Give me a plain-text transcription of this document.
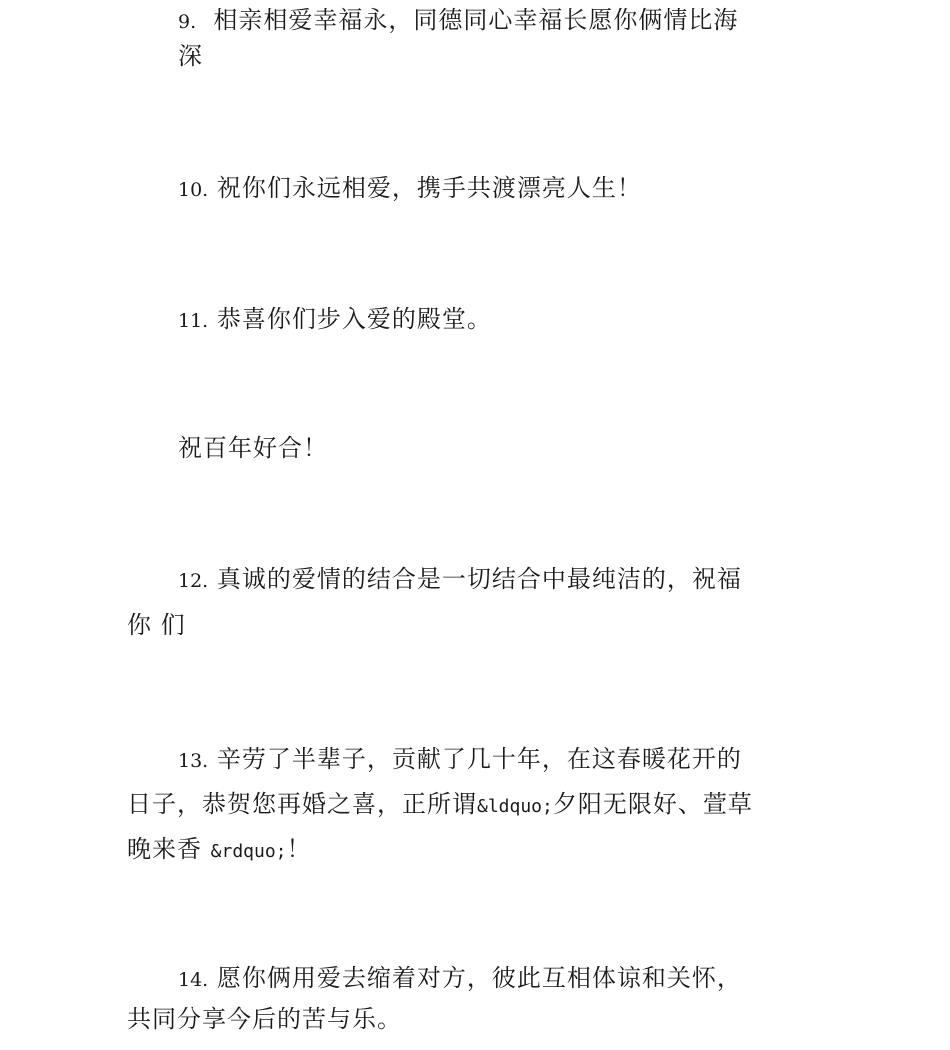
9. 相亲相爱幸福永，同德同心幸福长愿你俩情比海
深
10. 祝你们永远相爱，携手共渡漂亮人生！
11. 恭喜你们步入爱的殿堂。
祝百年好合！
12. 真诚的爱情的结合是一切结合中最纯洁的，祝福
你 们
13. 辛劳了半辈子，贡献了几十年，在这春暖花开的
日子，恭贺您再婚之喜，正所谓&ldquo;夕阳无限好、萱草
晚来香 &rdquo;！
14. 愿你俩用爱去缩着对方，彼此互相体谅和关怀，
共同分享今后的苦与乐。
